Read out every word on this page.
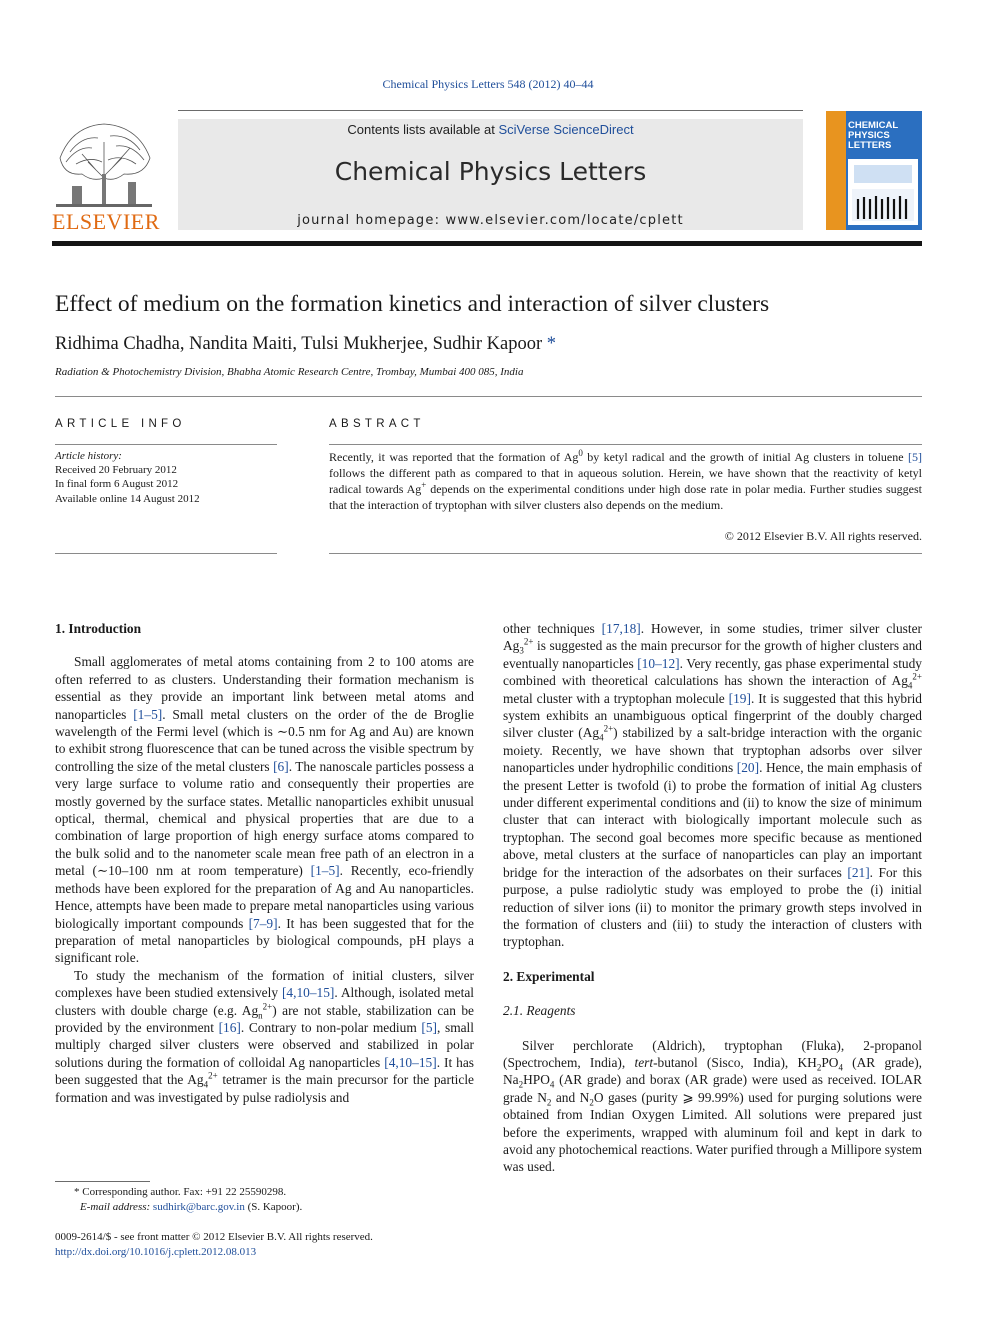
Chemical Physics Letters 548 (2012) 40–44
ELSEVIER
Contents lists available at SciVerse ScienceDirect
Chemical Physics Letters
journal homepage: www.elsevier.com/locate/cplett
CHEMICAL
PHYSICS
LETTERS
Effect of medium on the formation kinetics and interaction of silver clusters
Ridhima Chadha, Nandita Maiti, Tulsi Mukherjee, Sudhir Kapoor *
Radiation & Photochemistry Division, Bhabha Atomic Research Centre, Trombay, Mumbai 400 085, India
ARTICLE INFO
Article history:
Received 20 February 2012
In final form 6 August 2012
Available online 14 August 2012
ABSTRACT
Recently, it was reported that the formation of Ag$^0$ by ketyl radical and the growth of initial Ag clusters in toluene [5] follows the different path as compared to that in aqueous solution. Herein, we have shown that the reactivity of ketyl radical towards Ag+ depends on the experimental conditions under high dose rate in polar media. Further studies suggest that the interaction of tryptophan with silver clusters also depends on the medium.
© 2012 Elsevier B.V. All rights reserved.
1. Introduction

Small agglomerates of metal atoms containing from 2 to 100 atoms are often referred to as clusters. Understanding their formation mechanism is essential as they provide an important link between metal atoms and nanoparticles [1–5]. Small metal clusters on the order of the de Broglie wavelength of the Fermi level (which is ∼0.5 nm for Ag and Au) are known to exhibit strong fluorescence that can be tuned across the visible spectrum by controlling the size of the metal clusters [6]. The nanoscale particles possess a very large surface to volume ratio and consequently their properties are mostly governed by the surface states. Metallic nanoparticles exhibit unusual optical, thermal, chemical and physical properties that are due to a combination of large proportion of high energy surface atoms compared to the bulk solid and to the nanometer scale mean free path of an electron in a metal (∼10–100 nm at room temperature) [1–5]. Recently, eco-friendly methods have been explored for the preparation of Ag and Au nanoparticles. Hence, attempts have been made to prepare metal nanoparticles using various biologically important compounds [7–9]. It has been suggested that for the preparation of metal nanoparticles by biological compounds, pH plays a significant role.

To study the mechanism of the formation of initial clusters, silver complexes have been studied extensively [4,10–15]. Although, isolated metal clusters with double charge (e.g. $Ag_n^{2+}$) are not stable, stabilization can be provided by the environment [16]. Contrary to non-polar medium [5], small multiply charged silver clusters were observed and stabilized in polar solutions during the formation of colloidal Ag nanoparticles [4,10–15]. It has been suggested that the $Ag_4^{2+}$ tetramer is the main precursor for the particle formation and was investigated by pulse radiolysis and

other techniques [17,18]. However, in some studies, trimer silver cluster $Ag_3^{2+}$ is suggested as the main precursor for the growth of higher clusters and eventually nanoparticles [10–12]. Very recently, gas phase experimental study combined with theoretical calculations has shown the interaction of $Ag_4^{2+}$ metal cluster with a tryptophan molecule [19]. It is suggested that this hybrid system exhibits an unambiguous optical fingerprint of the doubly charged silver cluster $(Ag_4^{2+})$ stabilized by a salt-bridge interaction with the organic moiety. Recently, we have shown that tryptophan adsorbs over silver nanoparticles under hydrophilic conditions [20]. Hence, the main emphasis of the present Letter is twofold (i) to probe the formation of initial Ag clusters under different experimental conditions and (ii) to know the size of minimum cluster that can interact with biologically important molecule such as tryptophan. The second goal becomes more specific because as mentioned above, metal clusters at the surface of nanoparticles can play an important bridge for the interaction of the adsorbates on their surfaces [21]. For this purpose, a pulse radiolytic study was employed to probe the (i) initial reduction of silver ions (ii) to monitor the primary growth steps involved in the formation of clusters and (iii) to study the interaction of clusters with tryptophan.

2. Experimental
2.1. Reagents

Silver perchlorate (Aldrich), tryptophan (Fluka), 2-propanol (Spectrochem, India), tert-butanol (Sisco, India), $KH_2PO_4$ (AR grade), $Na_2HPO_4$ (AR grade) and borax (AR grade) were used as received. IOLAR grade $N_2$ and $N_2O$ gases (purity ⩾ 99.99%) used for purging solutions were obtained from Indian Oxygen Limited. All solutions were prepared just before the experiments, wrapped with aluminum foil and kept in dark to avoid any photochemical reactions. Water purified through a Millipore system was used.

* Corresponding author. Fax: +91 22 25590298.
E-mail address: sudhirk@barc.gov.in (S. Kapoor).
0009-2614/$ - see front matter © 2012 Elsevier B.V. All rights reserved.
http://dx.doi.org/10.1016/j.cplett.2012.08.013
